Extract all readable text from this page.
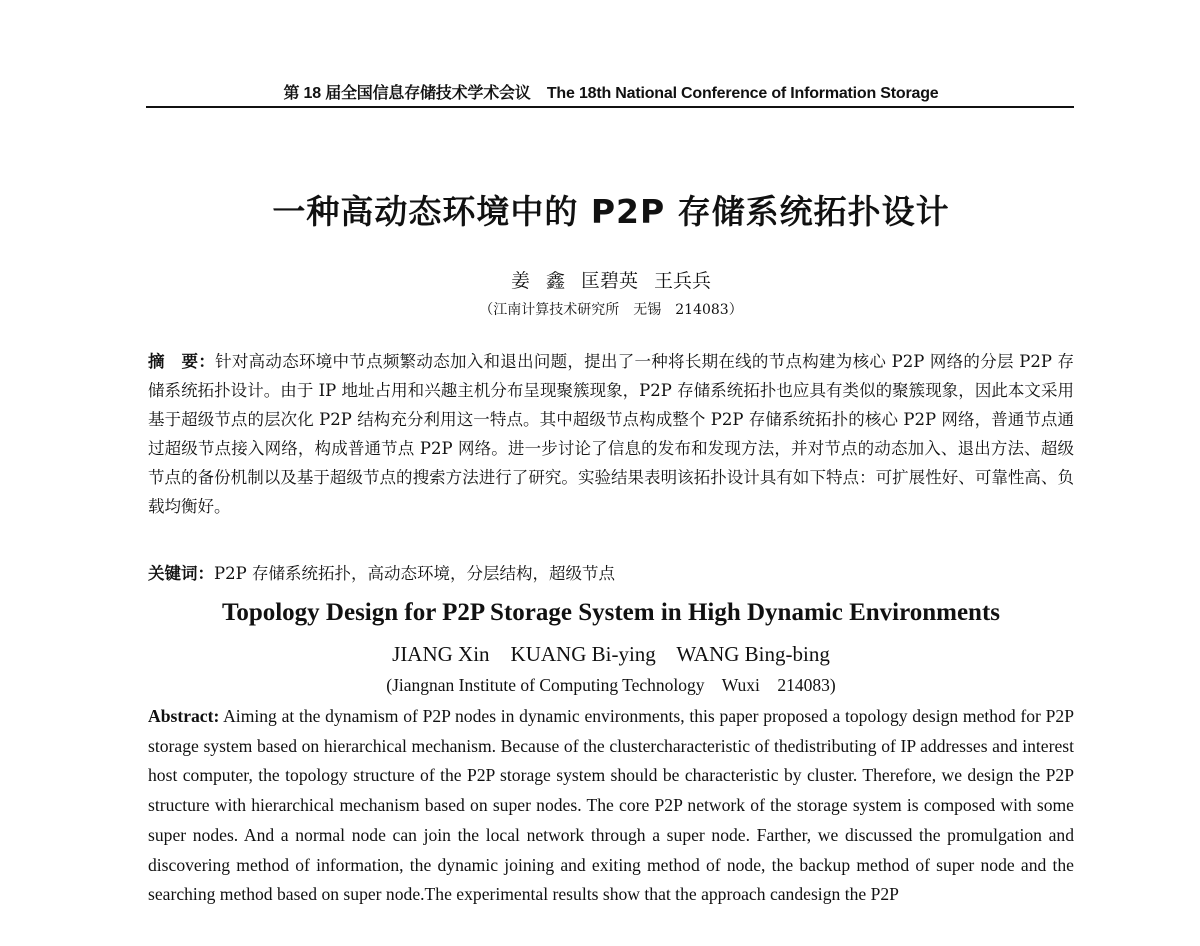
第 18 届全国信息存储技术学术会议 The 18th National Conference of Information Storage
一种高动态环境中的 P2P 存储系统拓扑设计
姜 鑫 匡碧英 王兵兵
（江南计算技术研究所　无锡　214083）
摘　要：针对高动态环境中节点频繁动态加入和退出问题，提出了一种将长期在线的节点构建为核心 P2P 网络的分层 P2P 存储系统拓扑设计。由于 IP 地址占用和兴趣主机分布呈现聚簇现象，P2P 存储系统拓扑也应具有类似的聚簇现象，因此本文采用基于超级节点的层次化 P2P 结构充分利用这一特点。其中超级节点构成整个 P2P 存储系统拓扑的核心 P2P 网络，普通节点通过超级节点接入网络，构成普通节点 P2P 网络。进一步讨论了信息的发布和发现方法，并对节点的动态加入、退出方法、超级节点的备份机制以及基于超级节点的搜索方法进行了研究。实验结果表明该拓扑设计具有如下特点：可扩展性好、可靠性高、负载均衡好。
关键词：P2P 存储系统拓扑，高动态环境，分层结构，超级节点
Topology Design for P2P Storage System in High Dynamic Environments
JIANG Xin    KUANG Bi-ying    WANG Bing-bing
(Jiangnan Institute of Computing Technology    Wuxi    214083)
Abstract: Aiming at the dynamism of P2P nodes in dynamic environments, this paper proposed a topology design method for P2P storage system based on hierarchical mechanism. Because of the clustercharacteristic of thedistributing of IP addresses and interest host computer, the topology structure of the P2P storage system should be characteristic by cluster. Therefore, we design the P2P structure with hierarchical mechanism based on super nodes. The core P2P network of the storage system is composed with some super nodes. And a normal node can join the local network through a super node. Farther, we discussed the promulgation and discovering method of information, the dynamic joining and exiting method of node, the backup method of super node and the searching method based on super node.The experimental results show that the approach candesign the P2P
